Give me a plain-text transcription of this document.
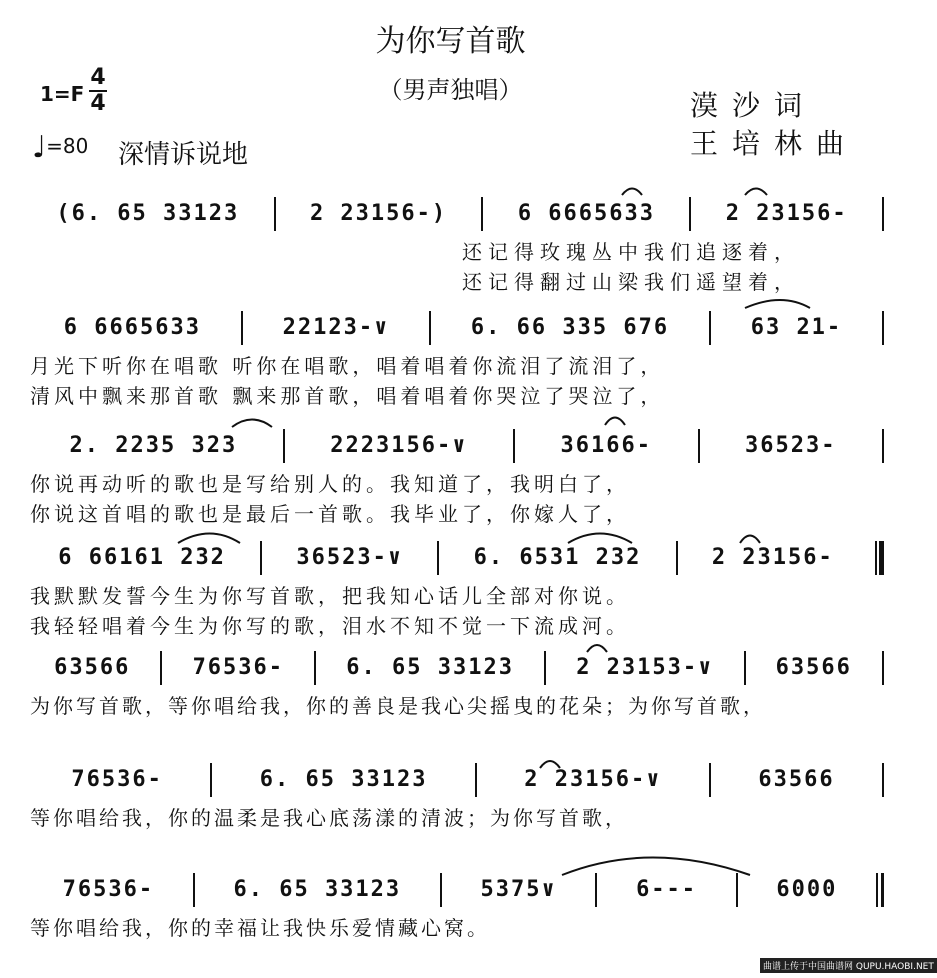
为你写首歌
（男声独唱）
1=F
4
4
♩=80 深情诉说地
漠沙词
王培林曲
(6. 65 33123	2 23156-)	6 6665633	2 23156-
还记得玫瑰丛中我们追逐着，
还记得翻过山梁我们遥望着，
6 6665633	22123-∨	6. 66 335 676	63 21-
月光下听你在唱歌 听你在唱歌，唱着唱着你流泪了流泪了，
清风中飘来那首歌 飘来那首歌，唱着唱着你哭泣了哭泣了，
2. 2235 323	2223156-∨	36166-	36523-
你说再动听的歌也是写给别人的。我知道了，我明白了，
你说这首唱的歌也是最后一首歌。我毕业了，你嫁人了，
6 66161 232	36523-∨	6. 6531 232	2 23156-
我默默发誓今生为你写首歌，把我知心话儿全部对你说。
我轻轻唱着今生为你写的歌，泪水不知不觉一下流成河。
63566	76536-	6. 65 33123	2 23153-∨	63566
为你写首歌，等你唱给我，你的善良是我心尖摇曳的花朵；为你写首歌，
76536-	6. 65 33123	2 23156-∨	63566
等你唱给我，你的温柔是我心底荡漾的清波；为你写首歌，
76536-	6. 65 33123	5375∨	6---	6000
等你唱给我，你的幸福让我快乐爱情藏心窝。
曲谱上传于中国曲谱网 QUPU.HAOBI.NET
